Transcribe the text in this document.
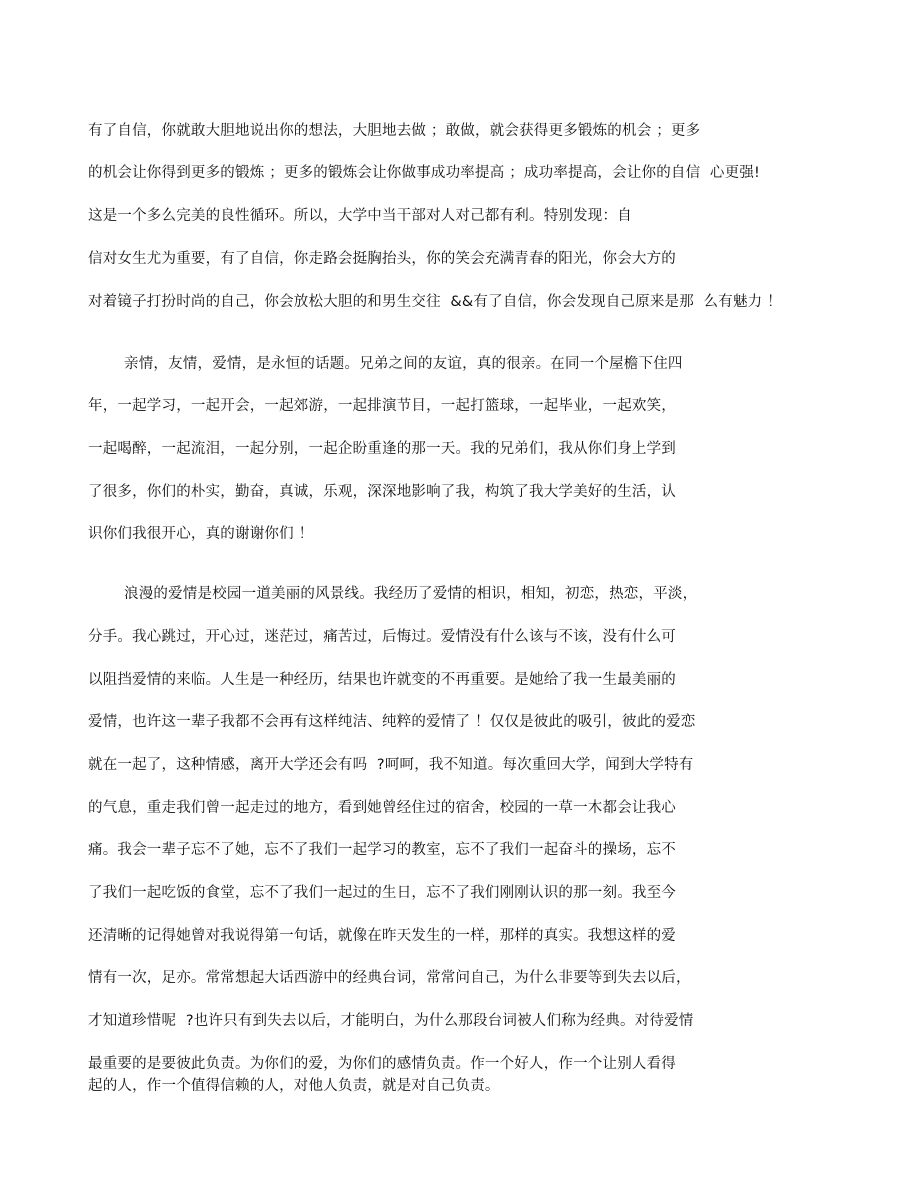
有了自信，你就敢大胆地说出你的想法，大胆地去做 ；敢做，就会获得更多锻炼的机会 ；更多
的机会让你得到更多的锻炼 ；更多的锻炼会让你做事成功率提高 ；成功率提高，会让你的自信  心更强!
这是一个多么完美的良性循环。所以，大学中当干部对人对己都有利。特别发现：自
信对女生尤为重要，有了自信，你走路会挺胸抬头，你的笑会充满青春的阳光，你会大方的
对着镜子打扮时尚的自己，你会放松大胆的和男生交往  &&有了自信，你会发现自己原来是那  么有魅力 ！
亲情，友情，爱情，是永恒的话题。兄弟之间的友谊，真的很亲。在同一个屋檐下住四
年，一起学习，一起开会，一起郊游，一起排演节目，一起打篮球，一起毕业，一起欢笑，
一起喝醉，一起流泪，一起分别，一起企盼重逢的那一天。我的兄弟们，我从你们身上学到
了很多，你们的朴实，勤奋，真诚，乐观，深深地影响了我，构筑了我大学美好的生活，认
识你们我很开心，真的谢谢你们 ！
浪漫的爱情是校园一道美丽的风景线。我经历了爱情的相识，相知，初恋，热恋，平淡，
分手。我心跳过，开心过，迷茫过，痛苦过，后悔过。爱情没有什么该与不该，没有什么可
以阻挡爱情的来临。人生是一种经历，结果也许就变的不再重要。是她给了我一生最美丽的
爱情，也许这一辈子我都不会再有这样纯洁、纯粹的爱情了 ！仅仅是彼此的吸引，彼此的爱恋
就在一起了，这种情感，离开大学还会有吗  ?呵呵，我不知道。每次重回大学，闻到大学特有
的气息，重走我们曾一起走过的地方，看到她曾经住过的宿舍，校园的一草一木都会让我心
痛。我会一辈子忘不了她，忘不了我们一起学习的教室，忘不了我们一起奋斗的操场，忘不
了我们一起吃饭的食堂，忘不了我们一起过的生日，忘不了我们刚刚认识的那一刻。我至今
还清晰的记得她曾对我说得第一句话，就像在昨天发生的一样，那样的真实。我想这样的爱
情有一次，足亦。常常想起大话西游中的经典台词，常常问自己，为什么非要等到失去以后，
才知道珍惜呢  ?也许只有到失去以后，才能明白，为什么那段台词被人们称为经典。对待爱情
最重要的是要彼此负责。为你们的爱，为你们的感情负责。作一个好人，作一个让别人看得
起的人，作一个值得信赖的人，对他人负责，就是对自己负责。
